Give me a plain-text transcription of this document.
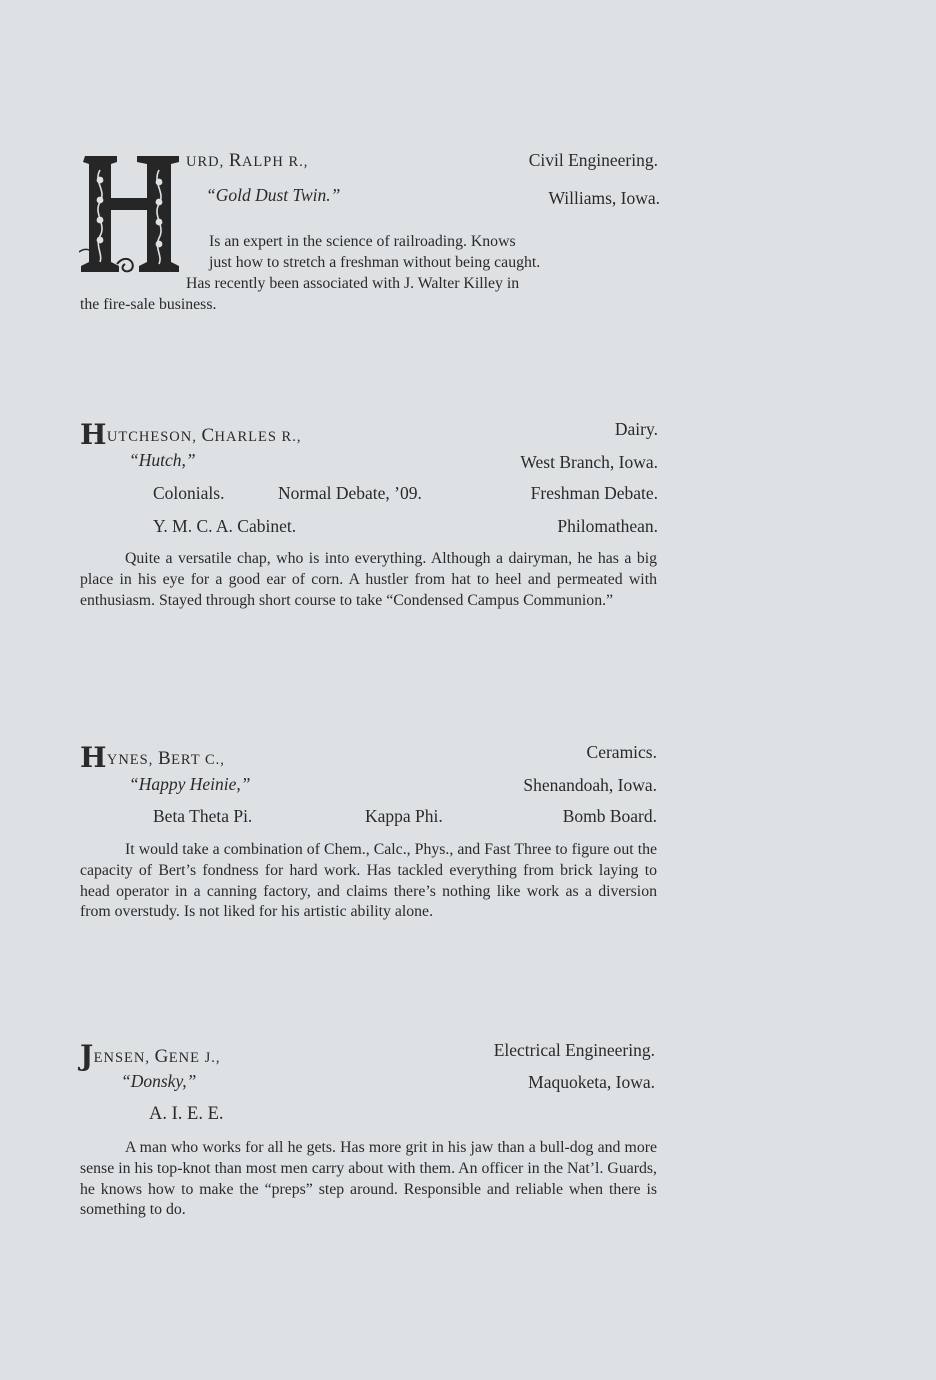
URD, RALPH R.,	Civil Engineering.
“Gold Dust Twin.”	Williams, Iowa.
Is an expert in the science of railroading. Knows
just how to stretch a freshman without being caught.
Has recently been associated with J. Walter Killey in
the fire-sale business.
HUTCHESON, CHARLES R.,	Dairy.
“Hutch,”	West Branch, Iowa.
Colonials.	Normal Debate, ’09.	Freshman Debate.
Y. M. C. A. Cabinet.	Philomathean.

Quite a versatile chap, who is into everything. Although a dairyman, he has a big place in his eye for a good ear of corn. A hustler from hat to heel and permeated with enthusiasm. Stayed through short course to take “Condensed Campus Communion.”

HYNES, BERT C.,	Ceramics.
“Happy Heinie,”	Shenandoah, Iowa.
Beta Theta Pi.	Kappa Phi.	Bomb Board.

It would take a combination of Chem., Calc., Phys., and Fast Three to figure out the capacity of Bert’s fondness for hard work. Has tackled everything from brick laying to head operator in a canning factory, and claims there’s nothing like work as a diversion from overstudy. Is not liked for his artistic ability alone.

JENSEN, GENE J.,	Electrical Engineering.
“Donsky,”	Maquoketa, Iowa.
A. I. E. E.

A man who works for all he gets. Has more grit in his jaw than a bull-dog and more sense in his top-knot than most men carry about with them. An officer in the Nat’l. Guards, he knows how to make the “preps” step around. Responsible and reliable when there is something to do.
